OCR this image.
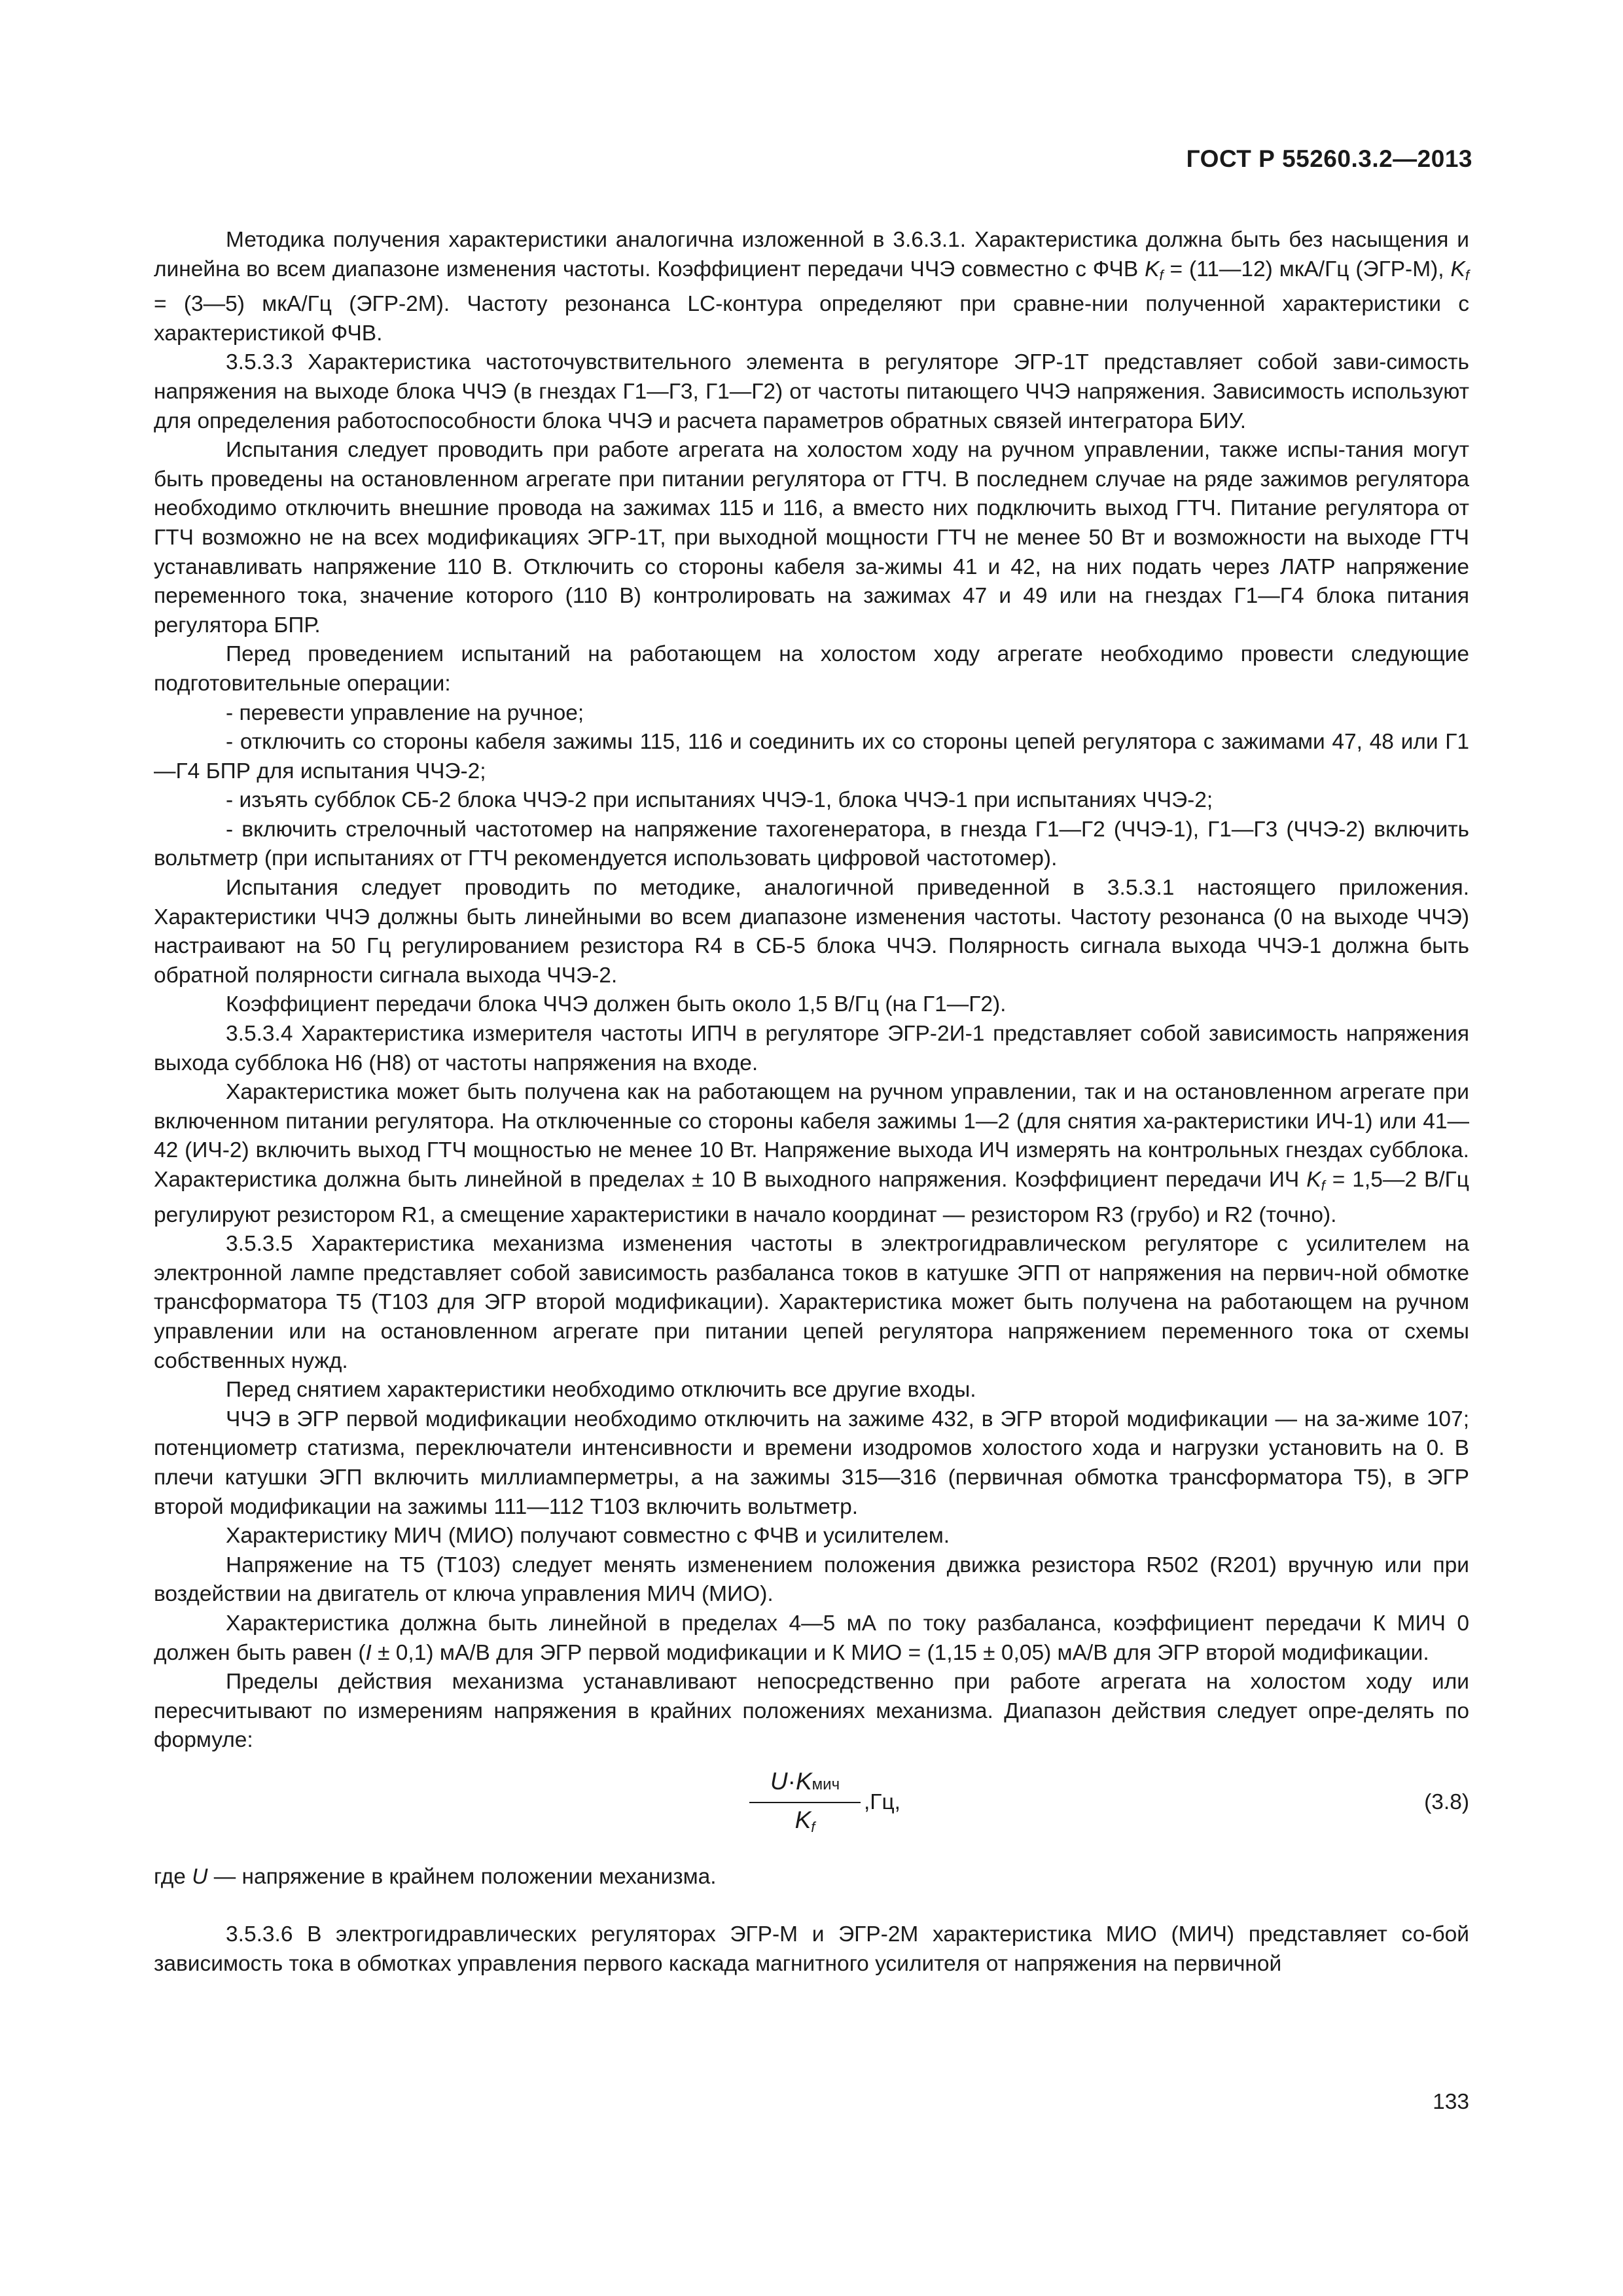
ГОСТ Р 55260.3.2—2013

Методика получения характеристики аналогична изложенной в 3.6.3.1. Характеристика должна быть без насыщения и линейна во всем диапазоне изменения частоты. Коэффициент передачи ЧЧЭ совместно с ФЧВ $K_f$ = (11—12) мкА/Гц (ЭГР-М), $K_f$ = (3—5) мкА/Гц (ЭГР-2М). Частоту резонанса LC-контура определяют при сравне-нии полученной характеристики с характеристикой ФЧВ.

3.5.3.3 Характеристика частоточувствительного элемента в регуляторе ЭГР-1Т представляет собой зави-симость напряжения на выходе блока ЧЧЭ (в гнездах Г1—Г3, Г1—Г2) от частоты питающего ЧЧЭ напряжения. Зависимость используют для определения работоспособности блока ЧЧЭ и расчета параметров обратных связей интегратора БИУ.

Испытания следует проводить при работе агрегата на холостом ходу на ручном управлении, также испы-тания могут быть проведены на остановленном агрегате при питании регулятора от ГТЧ. В последнем случае на ряде зажимов регулятора необходимо отключить внешние провода на зажимах 115 и 116, а вместо них подключить выход ГТЧ. Питание регулятора от ГТЧ возможно не на всех модификациях ЭГР-1Т, при выходной мощности ГТЧ не менее 50 Вт и возможности на выходе ГТЧ устанавливать напряжение 110 В. Отключить со стороны кабеля за-жимы 41 и 42, на них подать через ЛАТР напряжение переменного тока, значение которого (110 В) контролировать на зажимах 47 и 49 или на гнездах Г1—Г4 блока питания регулятора БПР.

Перед проведением испытаний на работающем на холостом ходу агрегате необходимо провести следующие подготовительные операции:

- перевести управление на ручное;

- отключить со стороны кабеля зажимы 115, 116 и соединить их со стороны цепей регулятора с зажимами 47, 48 или Г1—Г4 БПР для испытания ЧЧЭ-2;

- изъять субблок СБ-2 блока ЧЧЭ-2 при испытаниях ЧЧЭ-1, блока ЧЧЭ-1 при испытаниях ЧЧЭ-2;

- включить стрелочный частотомер на напряжение тахогенератора, в гнезда Г1—Г2 (ЧЧЭ-1), Г1—Г3 (ЧЧЭ-2) включить вольтметр (при испытаниях от ГТЧ рекомендуется использовать цифровой частотомер).

Испытания следует проводить по методике, аналогичной приведенной в 3.5.3.1 настоящего приложения. Характеристики ЧЧЭ должны быть линейными во всем диапазоне изменения частоты. Частоту резонанса (0 на выходе ЧЧЭ) настраивают на 50 Гц регулированием резистора R4 в СБ-5 блока ЧЧЭ. Полярность сигнала выхода ЧЧЭ-1 должна быть обратной полярности сигнала выхода ЧЧЭ-2.

Коэффициент передачи блока ЧЧЭ должен быть около 1,5 В/Гц (на Г1—Г2).

3.5.3.4 Характеристика измерителя частоты ИПЧ в регуляторе ЭГР-2И-1 представляет собой зависимость напряжения выхода субблока Н6 (Н8) от частоты напряжения на входе.

Характеристика может быть получена как на работающем на ручном управлении, так и на остановленном агрегате при включенном питании регулятора. На отключенные со стороны кабеля зажимы 1—2 (для снятия ха-рактеристики ИЧ-1) или 41—42 (ИЧ-2) включить выход ГТЧ мощностью не менее 10 Вт. Напряжение выхода ИЧ измерять на контрольных гнездах субблока. Характеристика должна быть линейной в пределах ± 10 В выходного напряжения. Коэффициент передачи ИЧ $K_f$ = 1,5—2 В/Гц регулируют резистором R1, а смещение характеристики в начало координат — резистором R3 (грубо) и R2 (точно).

3.5.3.5 Характеристика механизма изменения частоты в электрогидравлическом регуляторе с усилителем на электронной лампе представляет собой зависимость разбаланса токов в катушке ЭГП от напряжения на первич-ной обмотке трансформатора Т5 (Т103 для ЭГР второй модификации). Характеристика может быть получена на работающем на ручном управлении или на остановленном агрегате при питании цепей регулятора напряжением переменного тока от схемы собственных нужд.

Перед снятием характеристики необходимо отключить все другие входы.

ЧЧЭ в ЭГР первой модификации необходимо отключить на зажиме 432, в ЭГР второй модификации — на за-жиме 107; потенциометр статизма, переключатели интенсивности и времени изодромов холостого хода и нагрузки установить на 0. В плечи катушки ЭГП включить миллиамперметры, а на зажимы 315—316 (первичная обмотка трансформатора Т5), в ЭГР второй модификации на зажимы 111—112 Т103 включить вольтметр.

Характеристику МИЧ (МИО) получают совместно с ФЧВ и усилителем.

Напряжение на Т5 (Т103) следует менять изменением положения движка резистора R502 (R201) вручную или при воздействии на двигатель от ключа управления МИЧ (МИО).

Характеристика должна быть линейной в пределах 4—5 мА по току разбаланса, коэффициент передачи К МИЧ 0 должен быть равен (I ± 0,1) мА/В для ЭГР первой модификации и К МИО = (1,15 ± 0,05) мА/В для ЭГР второй модификации.

Пределы действия механизма устанавливают непосредственно при работе агрегата на холостом ходу или пересчитывают по измерениям напряжения в крайних положениях механизма. Диапазон действия следует опре-делять по формуле:

U·Kмич
$K_f$
,Гц,	(3.8)

где U — напряжение в крайнем положении механизма.

3.5.3.6 В электрогидравлических регуляторах ЭГР-М и ЭГР-2М характеристика МИО (МИЧ) представляет со-бой зависимость тока в обмотках управления первого каскада магнитного усилителя от напряжения на первичной

133
